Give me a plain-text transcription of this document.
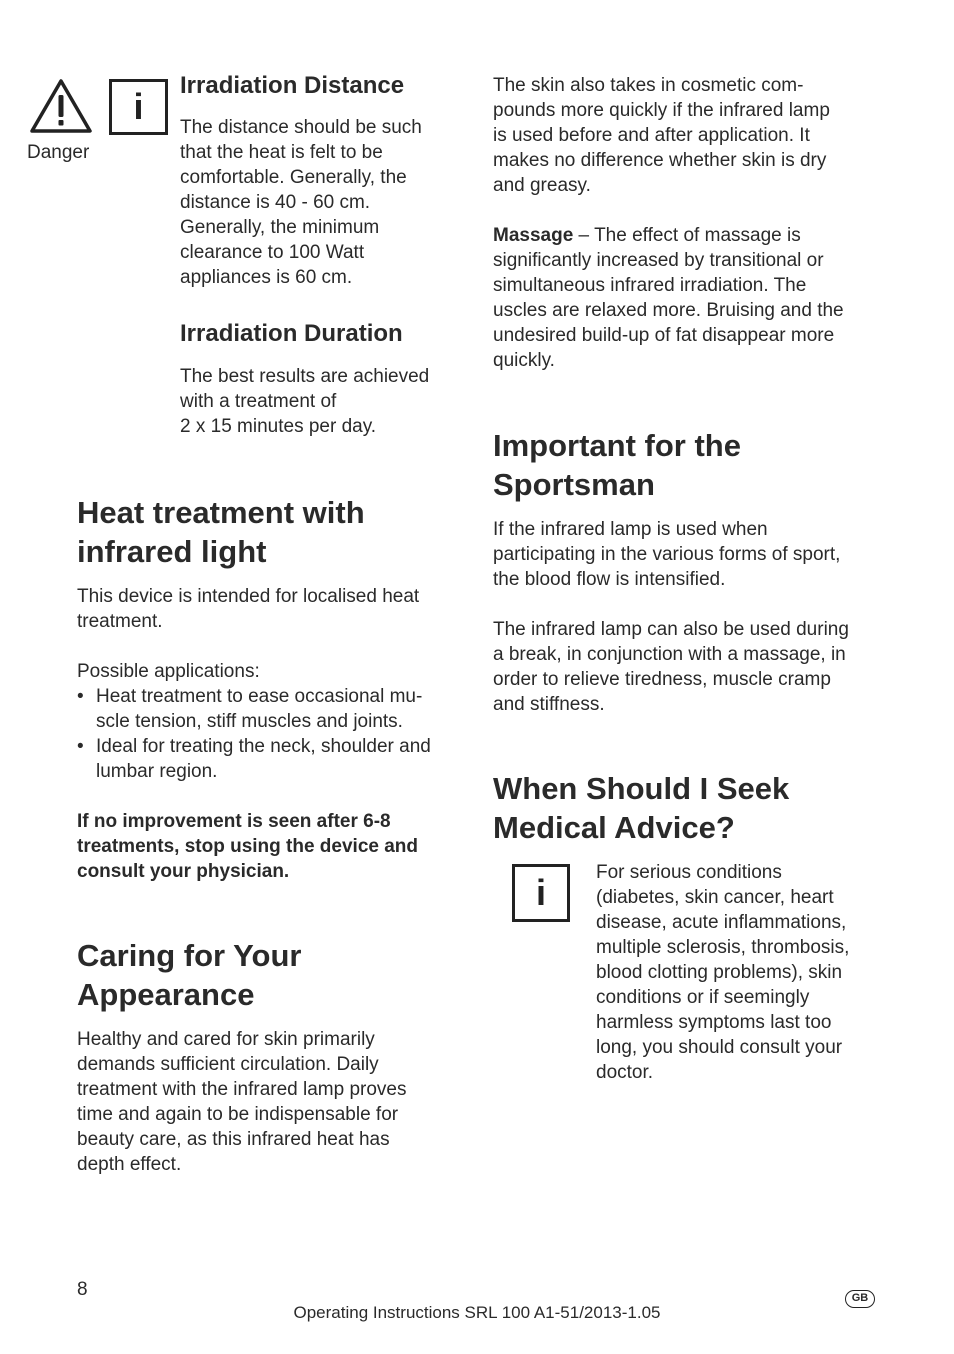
Danger
i
Irradiation Distance
The distance should be such
that the heat is felt to be
comfortable. Generally, the
distance is 40 - 60 cm.
Generally, the minimum
clearance to 100 Watt
appliances is 60 cm.
Irradiation Duration
The best results are achieved
with a treatment of
2 x 15 minutes per day.
Heat treatment with
infrared light
This device is intended for localised heat
treatment.
Possible applications:
• Heat treatment to ease occasional mu-
scle tension, stiff muscles and joints.
• Ideal for treating the neck, shoulder and
lumbar region.
If no improvement is seen after 6-8
treatments, stop using the device and
consult your physician.
Caring for Your
Appearance
Healthy and cared for skin primarily
demands sufficient circulation. Daily
treatment with the infrared lamp proves
time and again to be indispensable for
beauty care, as this infrared heat has
depth effect.
The skin also takes in cosmetic com-
pounds more quickly if the infrared lamp
is used before and after application. It
makes no difference whether skin is dry
and greasy.
Massage – The effect of massage is
significantly increased by transitional or
simultaneous infrared irradiation. The
uscles are relaxed more. Bruising and the
undesired build-up of fat disappear more
quickly.
Important for the
Sportsman
If the infrared lamp is used when
participating in the various forms of sport,
the blood flow is intensified.
The infrared lamp can also be used during
a break, in conjunction with a massage, in
order to relieve tiredness, muscle cramp
and stiffness.
When Should I Seek
Medical Advice?
i	For serious conditions
(diabetes, skin cancer, heart
disease, acute inflammations,
multiple sclerosis, thrombosis,
blood clotting problems), skin
conditions or if seemingly
harmless symptoms last too
long, you should consult your
doctor.
8
Operating Instructions SRL 100 A1-51/2013-1.05
GB
